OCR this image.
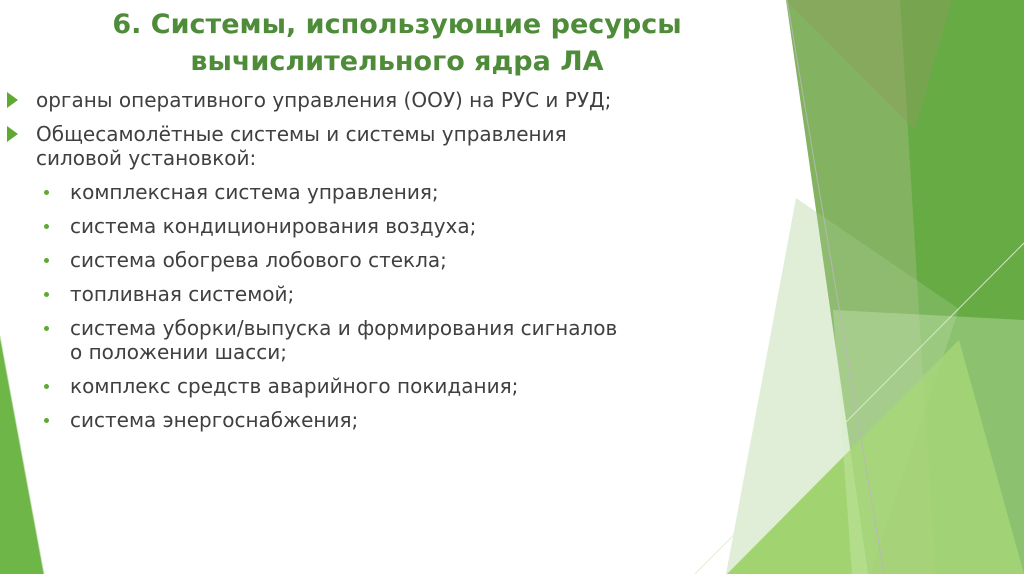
6. Системы, использующие ресурсы
вычислительного ядра ЛА

органы оперативного управления (ООУ) на РУС и РУД;

Общесамолётные системы и системы управления
силовой установкой:

комплексная система управления;

система кондиционирования воздуха;

система обогрева лобового стекла;

топливная системой;

система уборки/выпуска и формирования сигналов
о положении шасси;

комплекс средств аварийного покидания;

система энергоснабжения;
